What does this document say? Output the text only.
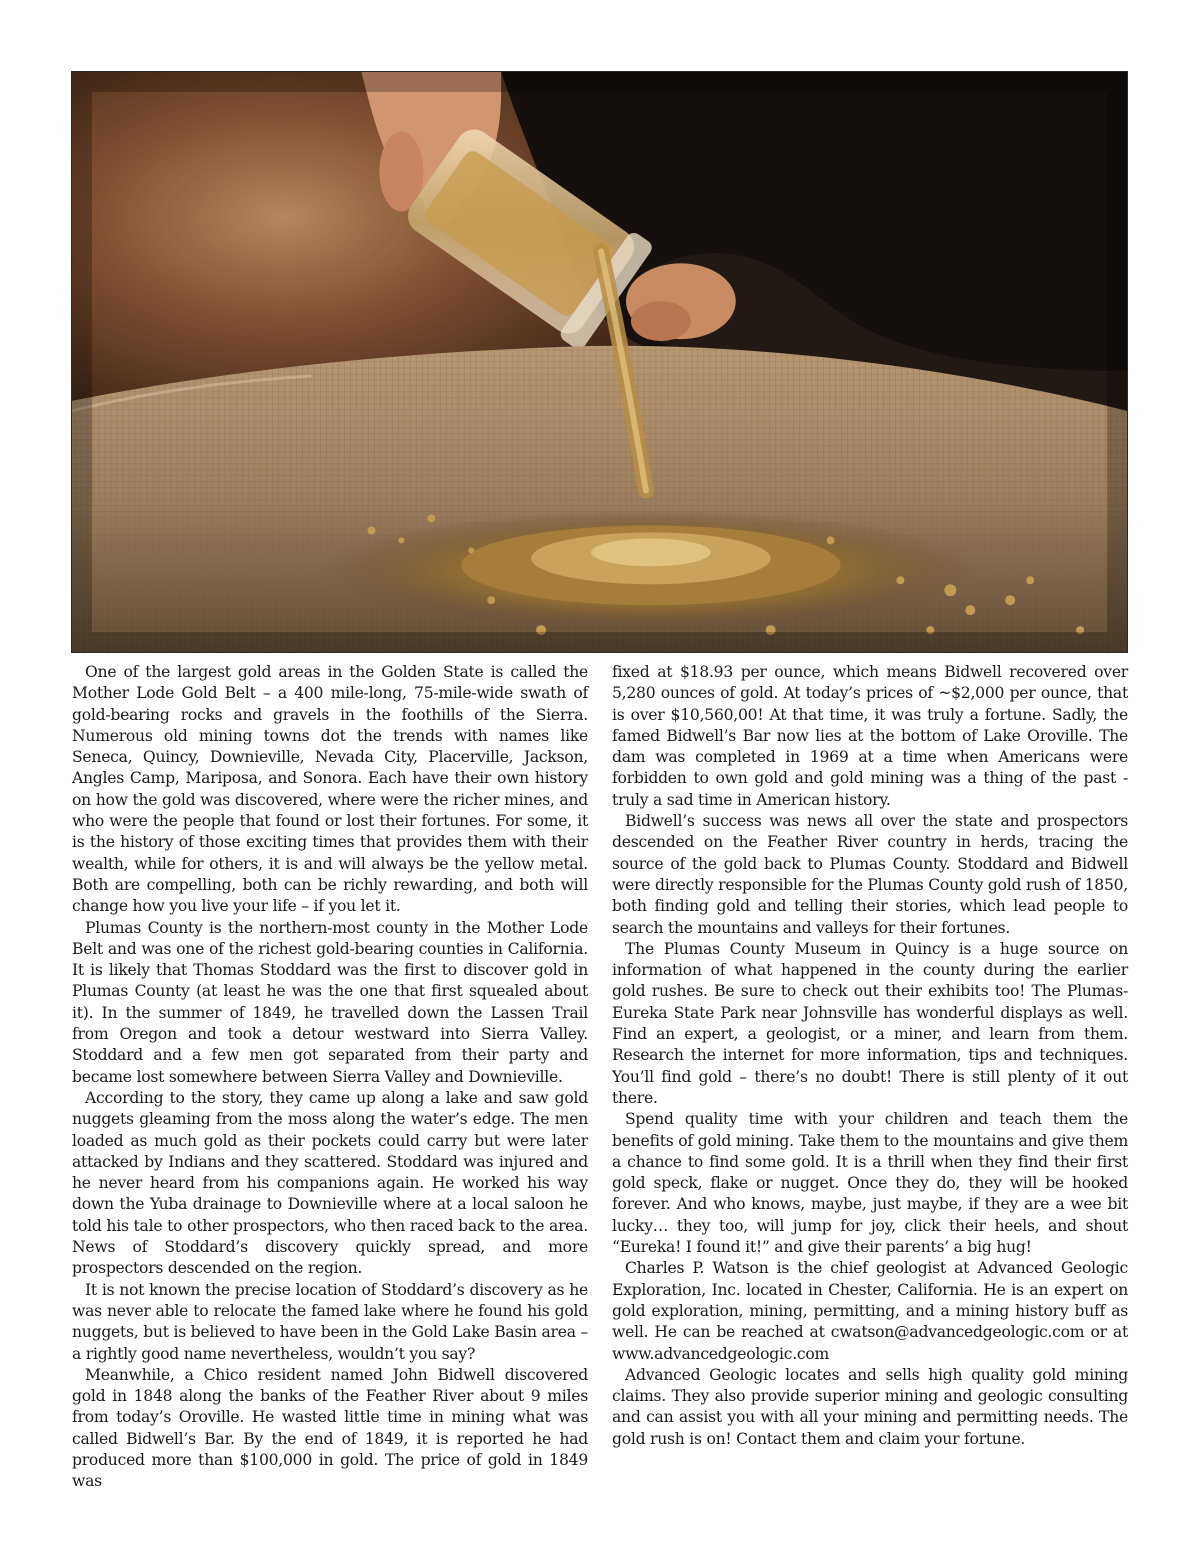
One of the largest gold areas in the Golden State is called the Mother Lode Gold Belt – a 400 mile-long, 75-mile-wide swath of gold-bearing rocks and gravels in the foothills of the Sierra. Numerous old mining towns dot the trends with names like Seneca, Quincy, Downieville, Nevada City, Placerville, Jackson, Angles Camp, Mariposa, and Sonora. Each have their own history on how the gold was discovered, where were the richer mines, and who were the people that found or lost their fortunes. For some, it is the history of those exciting times that provides them with their wealth, while for others, it is and will always be the yellow metal. Both are compelling, both can be richly rewarding, and both will change how you live your life – if you let it.

Plumas County is the northern-most county in the Mother Lode Belt and was one of the richest gold-bearing counties in California. It is likely that Thomas Stoddard was the first to discover gold in Plumas County (at least he was the one that first squealed about it). In the summer of 1849, he travelled down the Lassen Trail from Oregon and took a detour westward into Sierra Valley. Stoddard and a few men got separated from their party and became lost somewhere between Sierra Valley and Downieville.

According to the story, they came up along a lake and saw gold nuggets gleaming from the moss along the water’s edge. The men loaded as much gold as their pockets could carry but were later attacked by Indians and they scattered. Stoddard was injured and he never heard from his companions again. He worked his way down the Yuba drainage to Downieville where at a local saloon he told his tale to other prospectors, who then raced back to the area. News of Stoddard’s discovery quickly spread, and more prospectors descended on the region.

It is not known the precise location of Stoddard’s discovery as he was never able to relocate the famed lake where he found his gold nuggets, but is believed to have been in the Gold Lake Basin area – a rightly good name nevertheless, wouldn’t you say?

Meanwhile, a Chico resident named John Bidwell discovered gold in 1848 along the banks of the Feather River about 9 miles from today’s Oroville. He wasted little time in mining what was called Bidwell’s Bar. By the end of 1849, it is reported he had produced more than $100,000 in gold. The price of gold in 1849 was

fixed at $18.93 per ounce, which means Bidwell recovered over 5,280 ounces of gold. At today’s prices of ~$2,000 per ounce, that is over $10,560,00! At that time, it was truly a fortune. Sadly, the famed Bidwell’s Bar now lies at the bottom of Lake Oroville. The dam was completed in 1969 at a time when Americans were forbidden to own gold and gold mining was a thing of the past - truly a sad time in American history.

Bidwell’s success was news all over the state and prospectors descended on the Feather River country in herds, tracing the source of the gold back to Plumas County. Stoddard and Bidwell were directly responsible for the Plumas County gold rush of 1850, both finding gold and telling their stories, which lead people to search the mountains and valleys for their fortunes.

The Plumas County Museum in Quincy is a huge source on information of what happened in the county during the earlier gold rushes. Be sure to check out their exhibits too! The Plumas-Eureka State Park near Johnsville has wonderful displays as well. Find an expert, a geologist, or a miner, and learn from them. Research the internet for more information, tips and techniques. You’ll find gold – there’s no doubt! There is still plenty of it out there.

Spend quality time with your children and teach them the benefits of gold mining. Take them to the mountains and give them a chance to find some gold. It is a thrill when they find their first gold speck, flake or nugget. Once they do, they will be hooked forever. And who knows, maybe, just maybe, if they are a wee bit lucky… they too, will jump for joy, click their heels, and shout “Eureka! I found it!” and give their parents’ a big hug!

Charles P. Watson is the chief geologist at Advanced Geologic Exploration, Inc. located in Chester, California. He is an expert on gold exploration, mining, permitting, and a mining history buff as well. He can be reached at cwatson@advancedgeologic.com or at www.advancedgeologic.com

Advanced Geologic locates and sells high quality gold mining claims. They also provide superior mining and geologic consulting and can assist you with all your mining and permitting needs. The gold rush is on! Contact them and claim your fortune.
